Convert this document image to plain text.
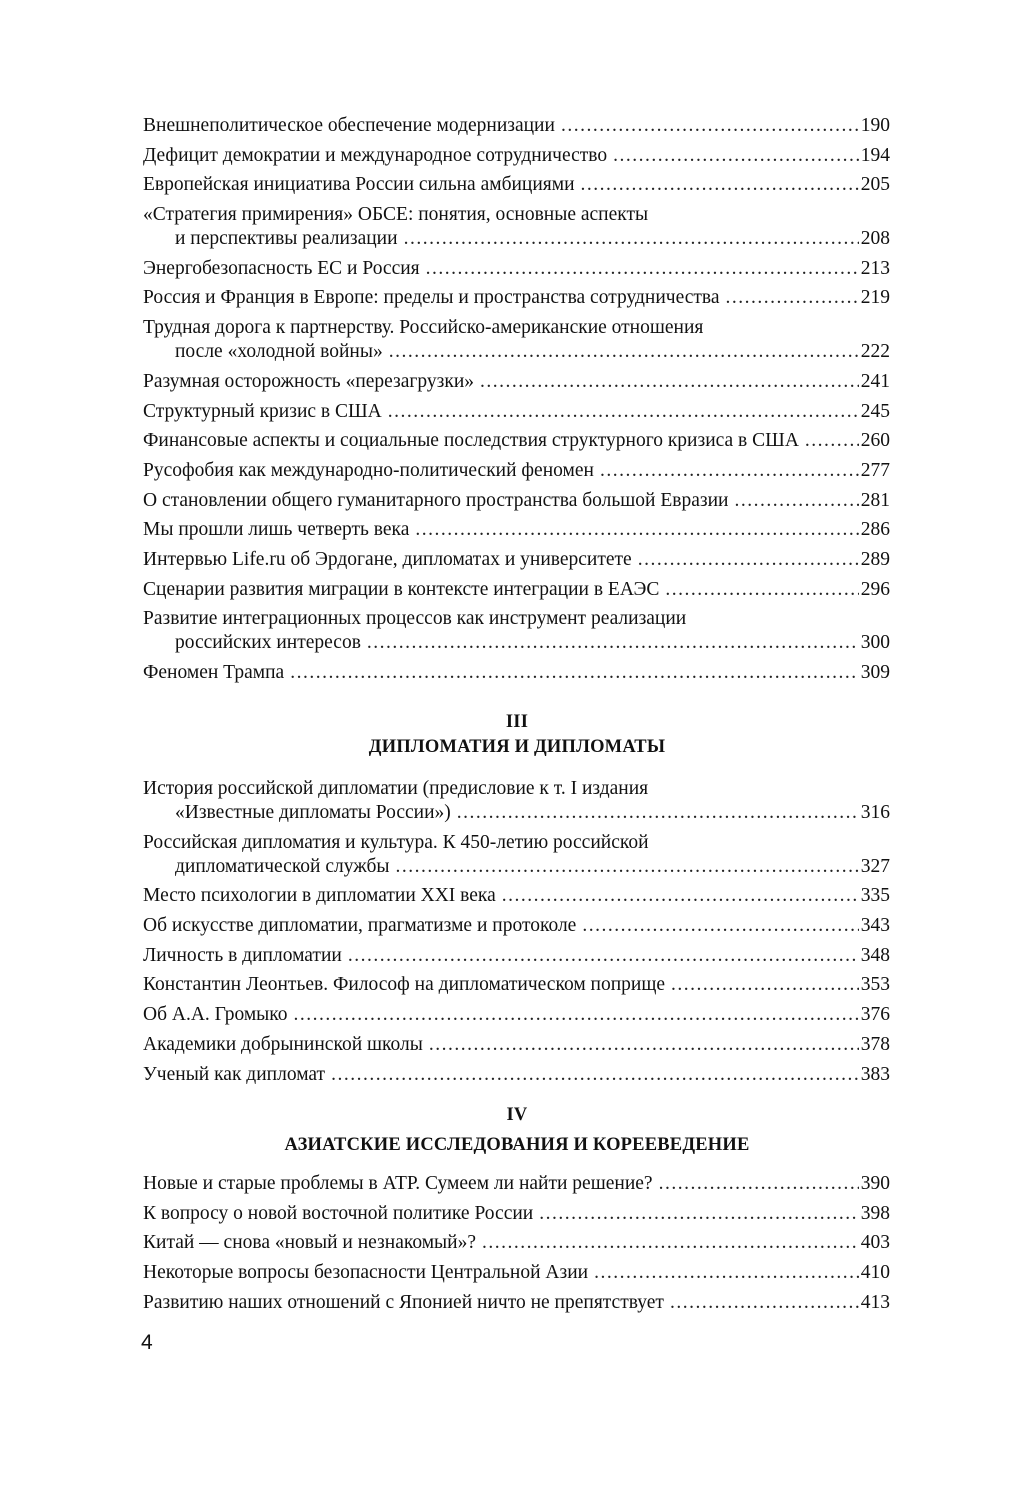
Внешнеполитическое обеспечение модернизации .....	190
Дефицит демократии и международное сотрудничество .....	194
Европейская инициатива России сильна амбициями .....	205
«Стратегия примирения» ОБСЕ: понятия, основные аспекты
и перспективы реализации .....	208
Энергобезопасность ЕС и Россия .....	213
Россия и Франция в Европе: пределы и пространства сотрудничества .....	219
Трудная дорога к партнерству. Российско-американские отношения
после «холодной войны» .....	222
Разумная осторожность «перезагрузки» .....	241
Структурный кризис в США .....	245
Финансовые аспекты и социальные последствия структурного кризиса в США .....	260
Русофобия как международно-политический феномен .....	277
О становлении общего гуманитарного пространства большой Евразии .....	281
Мы прошли лишь четверть века .....	286
Интервью Life.ru об Эрдогане, дипломатах и университете .....	289
Сценарии развития миграции в контексте интеграции в ЕАЭС .....	296
Развитие интеграционных процессов как инструмент реализации
российских интересов .....	300
Феномен Трампа .....	309
III
ДИПЛОМАТИЯ И ДИПЛОМАТЫ
История российской дипломатии (предисловие к т. I издания
«Известные дипломаты России») .....	316
Российская дипломатия и культура. К 450-летию российской
дипломатической службы .....	327
Место психологии в дипломатии XXI века .....	335
Об искусстве дипломатии, прагматизме и протоколе .....	343
Личность в дипломатии .....	348
Константин Леонтьев. Философ на дипломатическом поприще .....	353
Об А.А. Громыко .....	376
Академики добрынинской школы .....	378
Ученый как дипломат .....	383
IV
АЗИАТСКИЕ ИССЛЕДОВАНИЯ И КОРЕЕВЕДЕНИЕ
Новые и старые проблемы в АТР. Сумеем ли найти решение? .....	390
К вопросу о новой восточной политике России .....	398
Китай — снова «новый и незнакомый»? .....	403
Некоторые вопросы безопасности Центральной Азии .....	410
Развитию наших отношений с Японией ничто не препятствует .....	413
4
